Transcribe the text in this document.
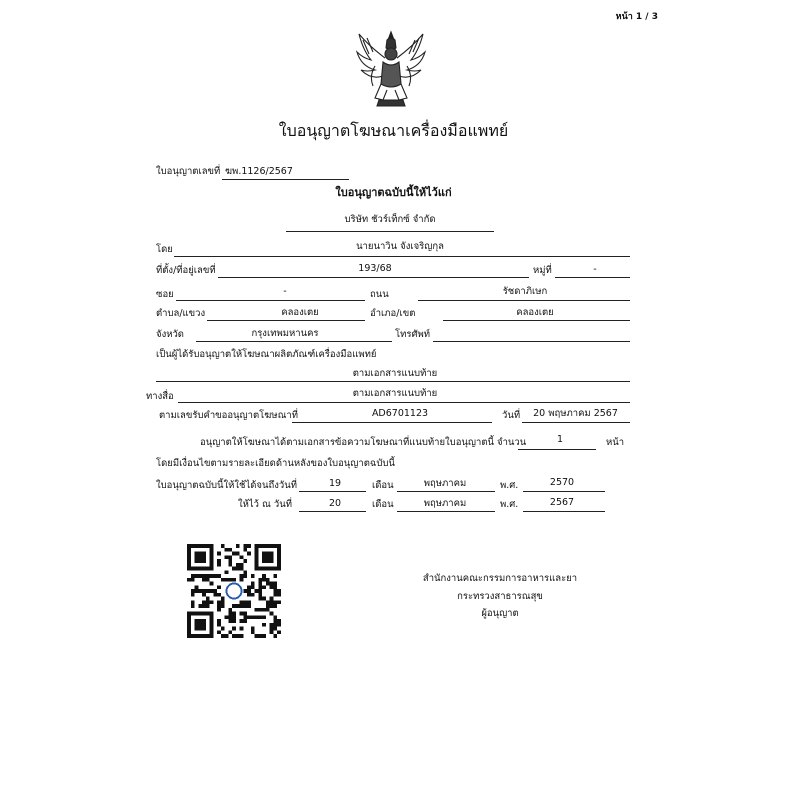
หน้า 1 / 3
ใบอนุญาตโฆษณาเครื่องมือแพทย์
ใบอนุญาตเลขที่ ฆพ.1126/2567
ใบอนุญาตฉบับนี้ให้ไว้แก่
บริษัท ชัวร์เท็กซ์ จำกัด
โดย	นายนาวิน จังเจริญกุล
ที่ตั้ง/ที่อยู่เลขที่	193/68	หมู่ที่	-
ซอย	-	ถนน	รัชดาภิเษก
ตำบล/แขวง	คลองเตย	อำเภอ/เขต	คลองเตย
จังหวัด	กรุงเทพมหานคร	โทรศัพท์
เป็นผู้ได้รับอนุญาตให้โฆษณาผลิตภัณฑ์เครื่องมือแพทย์
ตามเอกสารแนบท้าย
ทางสื่อ	ตามเอกสารแนบท้าย
ตามเลขรับคำขออนุญาตโฆษณาที่	AD6701123	วันที่	20 พฤษภาคม 2567
อนุญาตให้โฆษณาได้ตามเอกสารข้อความโฆษณาที่แนบท้ายใบอนุญาตนี้ จำนวน	1	หน้า
โดยมีเงื่อนไขตามรายละเอียดด้านหลังของใบอนุญาตฉบับนี้
ใบอนุญาตฉบับนี้ให้ใช้ได้จนถึงวันที่	19	เดือน	พฤษภาคม	พ.ศ.	2570
ให้ไว้ ณ วันที่	20	เดือน	พฤษภาคม	พ.ศ.	2567
สำนักงานคณะกรรมการอาหารและยา
กระทรวงสาธารณสุข
ผู้อนุญาต
